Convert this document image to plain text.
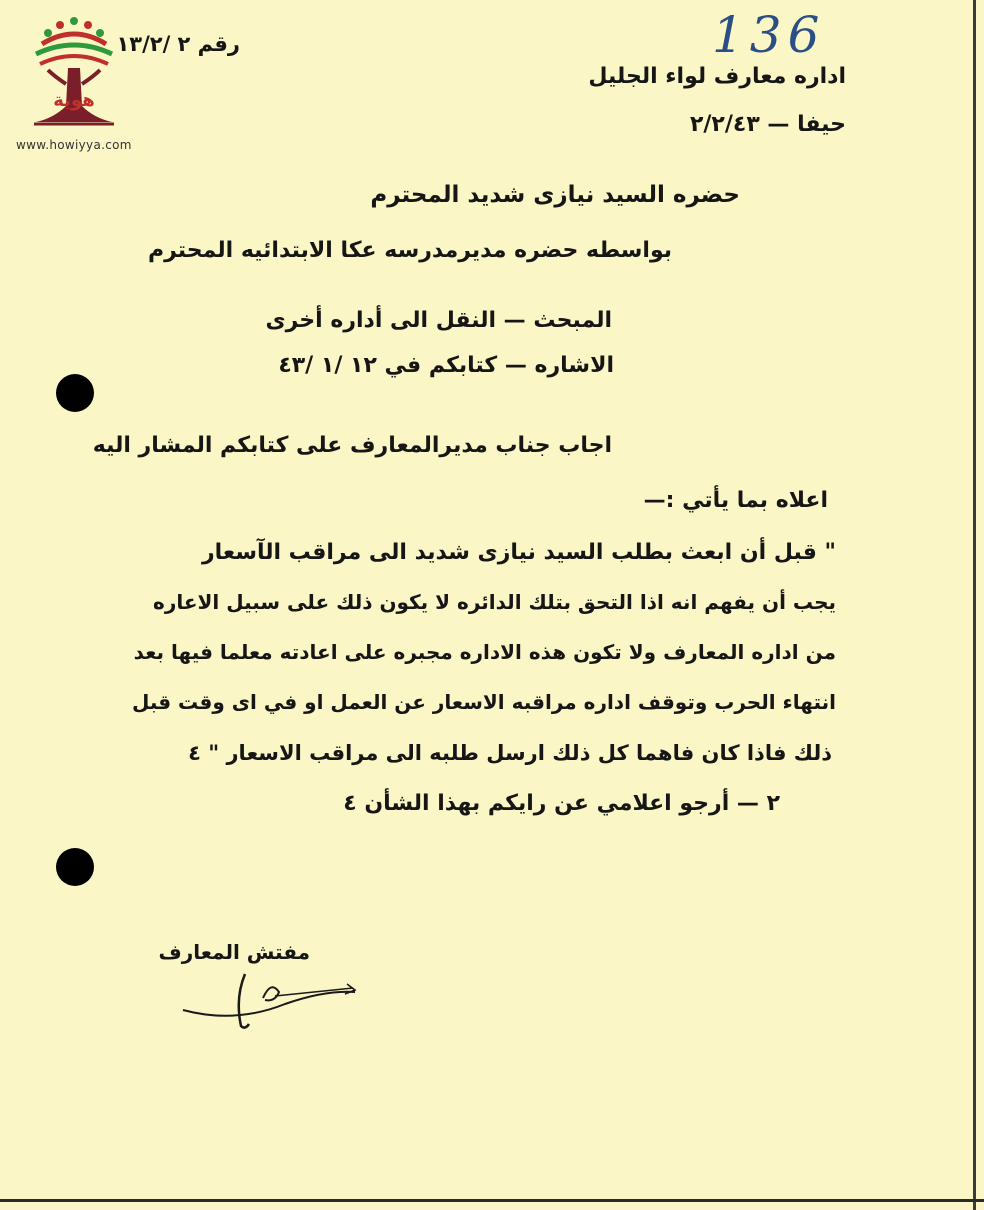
هوية
www.howiyya.com
136
رقم ٢ /١٣/٢
اداره معارف لواء الجليل
حيفا — ٢/٢/٤٣
حضره السيد نيازى شديد المحترم
بواسطه حضره مديرمدرسه عكا الابتدائيه المحترم
المبحث — النقل الى أداره أخرى
الاشاره — كتابكم في ١٢ /١ /٤٣
اجاب جناب مديرالمعارف على كتابكم المشار اليه
اعلاه بما يأتي :—
" قبل أن ابعث بطلب السيد نيازى شديد الى مراقب الآسعار
يجب أن يفهم انه اذا التحق بتلك الدائره لا يكون ذلك على سبيل الاعاره
من اداره المعارف ولا تكون هذه الاداره مجبره على اعادته معلما فيها بعد
انتهاء الحرب وتوقف اداره مراقبه الاسعار عن العمل او في اى وقت قبل
ذلك فاذا كان فاهما كل ذلك ارسل طلبه الى مراقب الاسعار " ٤
٢ — أرجو اعلامي عن رايكم بهذا الشأن ٤
مفتش المعارف
